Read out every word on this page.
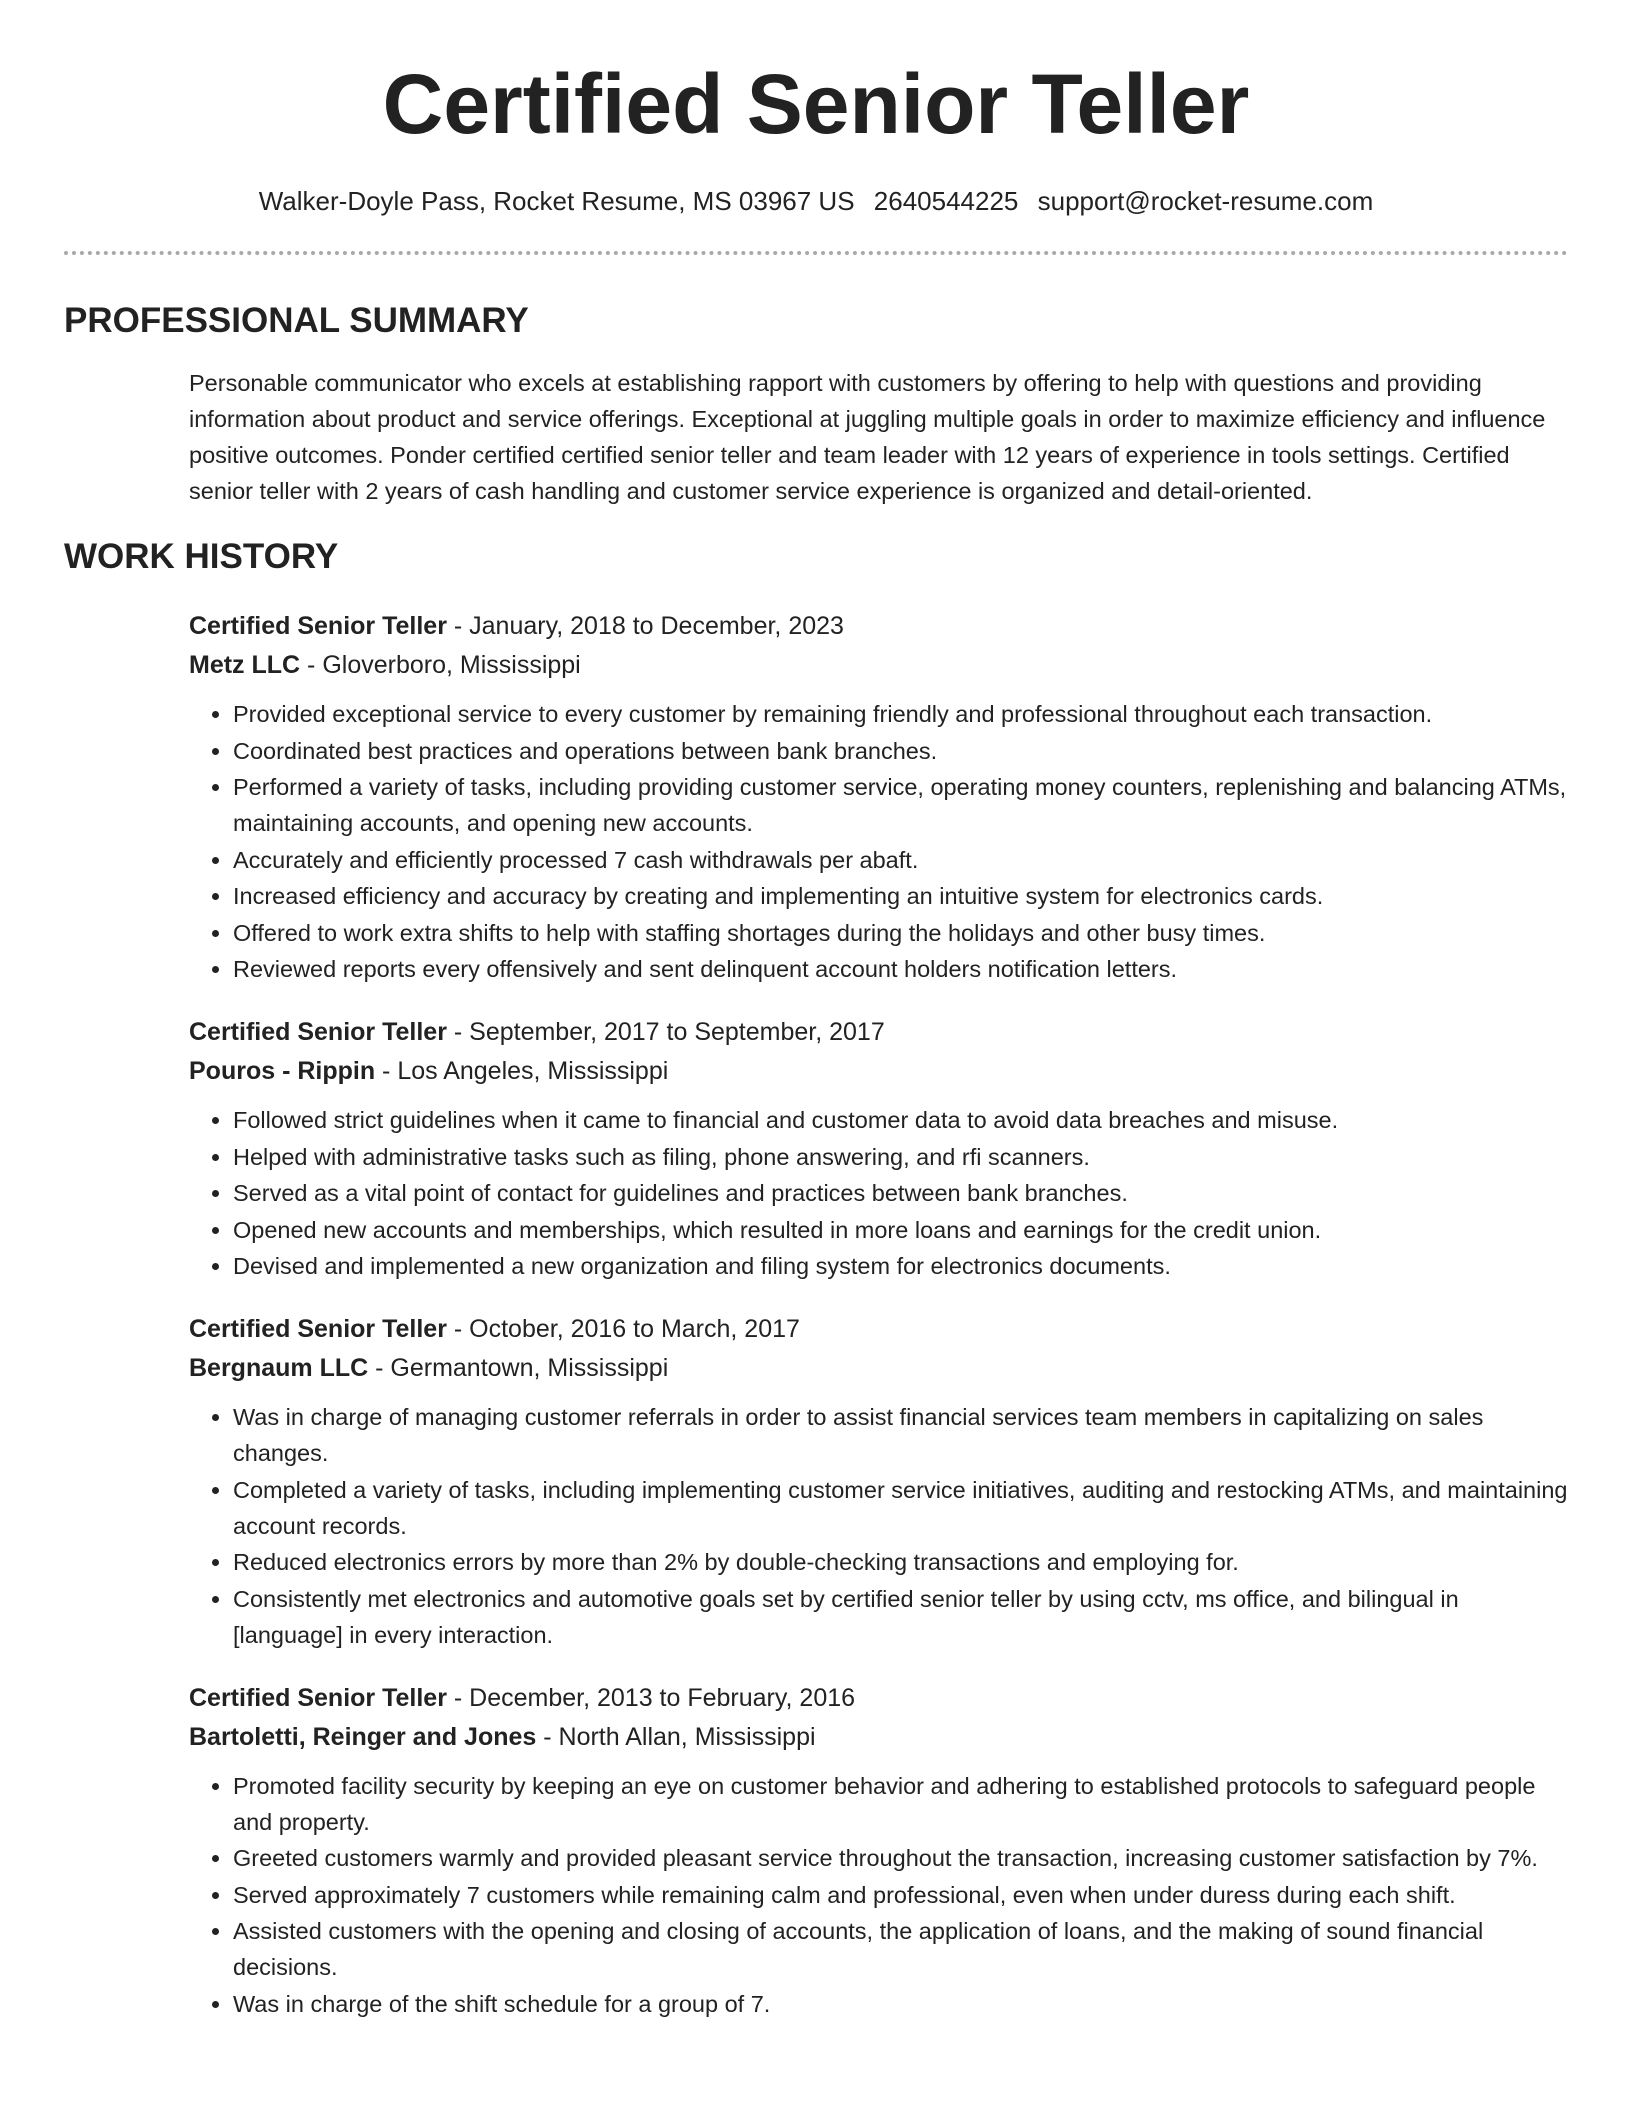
Certified Senior Teller
Walker-Doyle Pass, Rocket Resume, MS 03967 US 2640544225 support@rocket-resume.com
PROFESSIONAL SUMMARY

Personable communicator who excels at establishing rapport with customers by offering to help with questions and providing information about product and service offerings. Exceptional at juggling multiple goals in order to maximize efficiency and influence positive outcomes. Ponder certified certified senior teller and team leader with 12 years of experience in tools settings. Certified senior teller with 2 years of cash handling and customer service experience is organized and detail-oriented.

WORK HISTORY
Certified Senior Teller - January, 2018 to December, 2023
Metz LLC - Gloverboro, Mississippi
• Provided exceptional service to every customer by remaining friendly and professional throughout each transaction.
• Coordinated best practices and operations between bank branches.
• Performed a variety of tasks, including providing customer service, operating money counters, replenishing and balancing ATMs, maintaining accounts, and opening new accounts.
• Accurately and efficiently processed 7 cash withdrawals per abaft.
• Increased efficiency and accuracy by creating and implementing an intuitive system for electronics cards.
• Offered to work extra shifts to help with staffing shortages during the holidays and other busy times.
• Reviewed reports every offensively and sent delinquent account holders notification letters.
Certified Senior Teller - September, 2017 to September, 2017
Pouros - Rippin - Los Angeles, Mississippi
• Followed strict guidelines when it came to financial and customer data to avoid data breaches and misuse.
• Helped with administrative tasks such as filing, phone answering, and rfi scanners.
• Served as a vital point of contact for guidelines and practices between bank branches.
• Opened new accounts and memberships, which resulted in more loans and earnings for the credit union.
• Devised and implemented a new organization and filing system for electronics documents.
Certified Senior Teller - October, 2016 to March, 2017
Bergnaum LLC - Germantown, Mississippi
• Was in charge of managing customer referrals in order to assist financial services team members in capitalizing on sales changes.
• Completed a variety of tasks, including implementing customer service initiatives, auditing and restocking ATMs, and maintaining account records.
• Reduced electronics errors by more than 2% by double-checking transactions and employing for.
• Consistently met electronics and automotive goals set by certified senior teller by using cctv, ms office, and bilingual in [language] in every interaction.
Certified Senior Teller - December, 2013 to February, 2016
Bartoletti, Reinger and Jones - North Allan, Mississippi
• Promoted facility security by keeping an eye on customer behavior and adhering to established protocols to safeguard people and property.
• Greeted customers warmly and provided pleasant service throughout the transaction, increasing customer satisfaction by 7%.
• Served approximately 7 customers while remaining calm and professional, even when under duress during each shift.
• Assisted customers with the opening and closing of accounts, the application of loans, and the making of sound financial decisions.
• Was in charge of the shift schedule for a group of 7.
